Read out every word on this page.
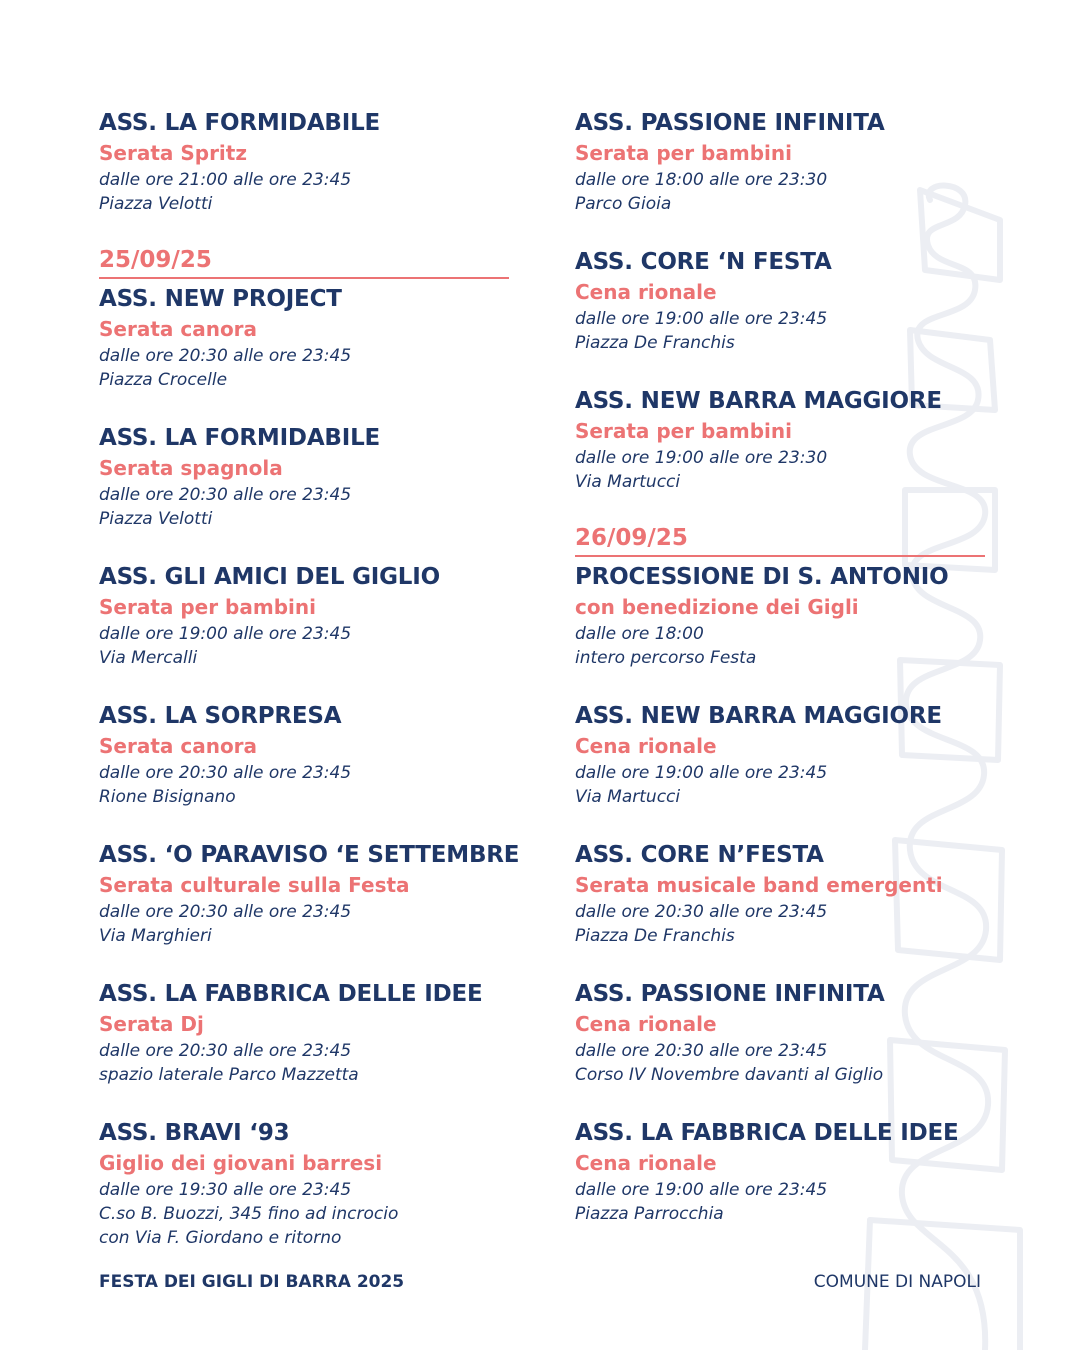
ASS. LA FORMIDABILE
Serata Spritz
dalle ore 21:00 alle ore 23:45
Piazza Velotti
25/09/25
ASS. NEW PROJECT
Serata canora
dalle ore 20:30 alle ore 23:45
Piazza Crocelle
ASS. LA FORMIDABILE
Serata spagnola
dalle ore 20:30 alle ore 23:45
Piazza Velotti
ASS. GLI AMICI DEL GIGLIO
Serata per bambini
dalle ore 19:00 alle ore 23:45
Via Mercalli
ASS. LA SORPRESA
Serata canora
dalle ore 20:30 alle ore 23:45
Rione Bisignano
ASS. ‘O PARAVISO ‘E SETTEMBRE
Serata culturale sulla Festa
dalle ore 20:30 alle ore 23:45
Via Marghieri
ASS. LA FABBRICA DELLE IDEE
Serata Dj
dalle ore 20:30 alle ore 23:45
spazio laterale Parco Mazzetta
ASS. BRAVI ‘93
Giglio dei giovani barresi
dalle ore 19:30 alle ore 23:45
C.so B. Buozzi, 345 fino ad incrocio
con Via F. Giordano e ritorno
ASS. PASSIONE INFINITA
Serata per bambini
dalle ore 18:00 alle ore 23:30
Parco Gioia
ASS. CORE ‘N FESTA
Cena rionale
dalle ore 19:00 alle ore 23:45
Piazza De Franchis
ASS. NEW BARRA MAGGIORE
Serata per bambini
dalle ore 19:00 alle ore 23:30
Via Martucci
26/09/25
PROCESSIONE DI S. ANTONIO
con benedizione dei Gigli
dalle ore 18:00
intero percorso Festa
ASS. NEW BARRA MAGGIORE
Cena rionale
dalle ore 19:00 alle ore 23:45
Via Martucci
ASS. CORE N’FESTA
Serata musicale band emergenti
dalle ore 20:30 alle ore 23:45
Piazza De Franchis
ASS. PASSIONE INFINITA
Cena rionale
dalle ore 20:30 alle ore 23:45
Corso IV Novembre davanti al Giglio
ASS. LA FABBRICA DELLE IDEE
Cena rionale
dalle ore 19:00 alle ore 23:45
Piazza Parrocchia
FESTA DEI GIGLI DI BARRA 2025	COMUNE DI NAPOLI
